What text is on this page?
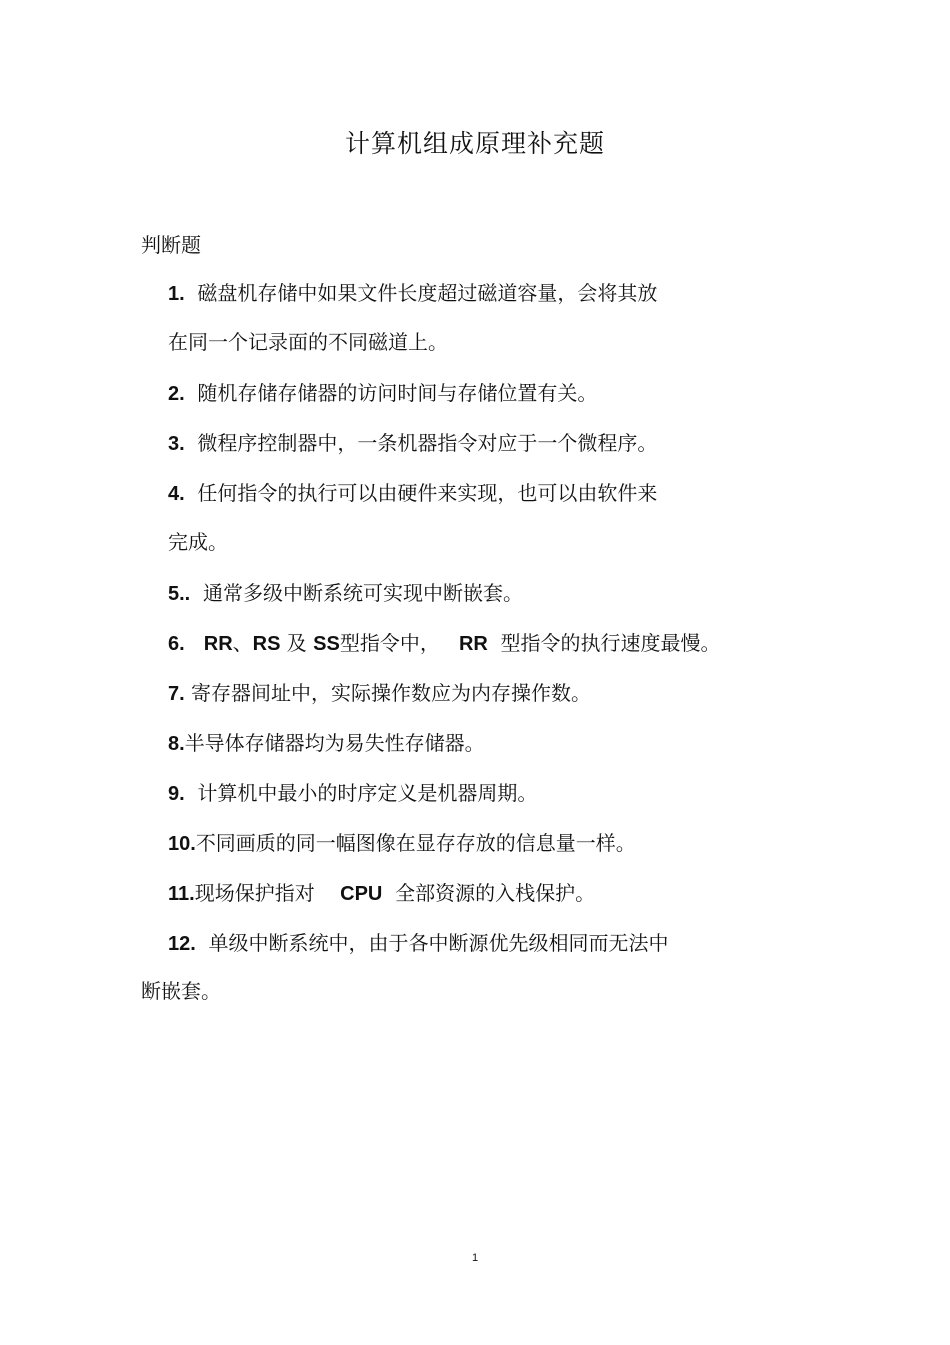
计算机组成原理补充题
判断题
1. 磁盘机存储中如果文件长度超过磁道容量，会将其放
在同一个记录面的不同磁道上。
2. 随机存储存储器的访问时间与存储位置有关。
3. 微程序控制器中，一条机器指令对应于一个微程序。
4. 任何指令的执行可以由硬件来实现，也可以由软件来
完成。
5.. 通常多级中断系统可实现中断嵌套。
6. RR、RS 及 SS型指令中， RR 型指令的执行速度最慢。
7. 寄存器间址中，实际操作数应为内存操作数。
8.半导体存储器均为易失性存储器。
9. 计算机中最小的时序定义是机器周期。
10.不同画质的同一幅图像在显存存放的信息量一样。
11.现场保护指对 CPU 全部资源的入栈保护。
12. 单级中断系统中，由于各中断源优先级相同而无法中
断嵌套。
1
